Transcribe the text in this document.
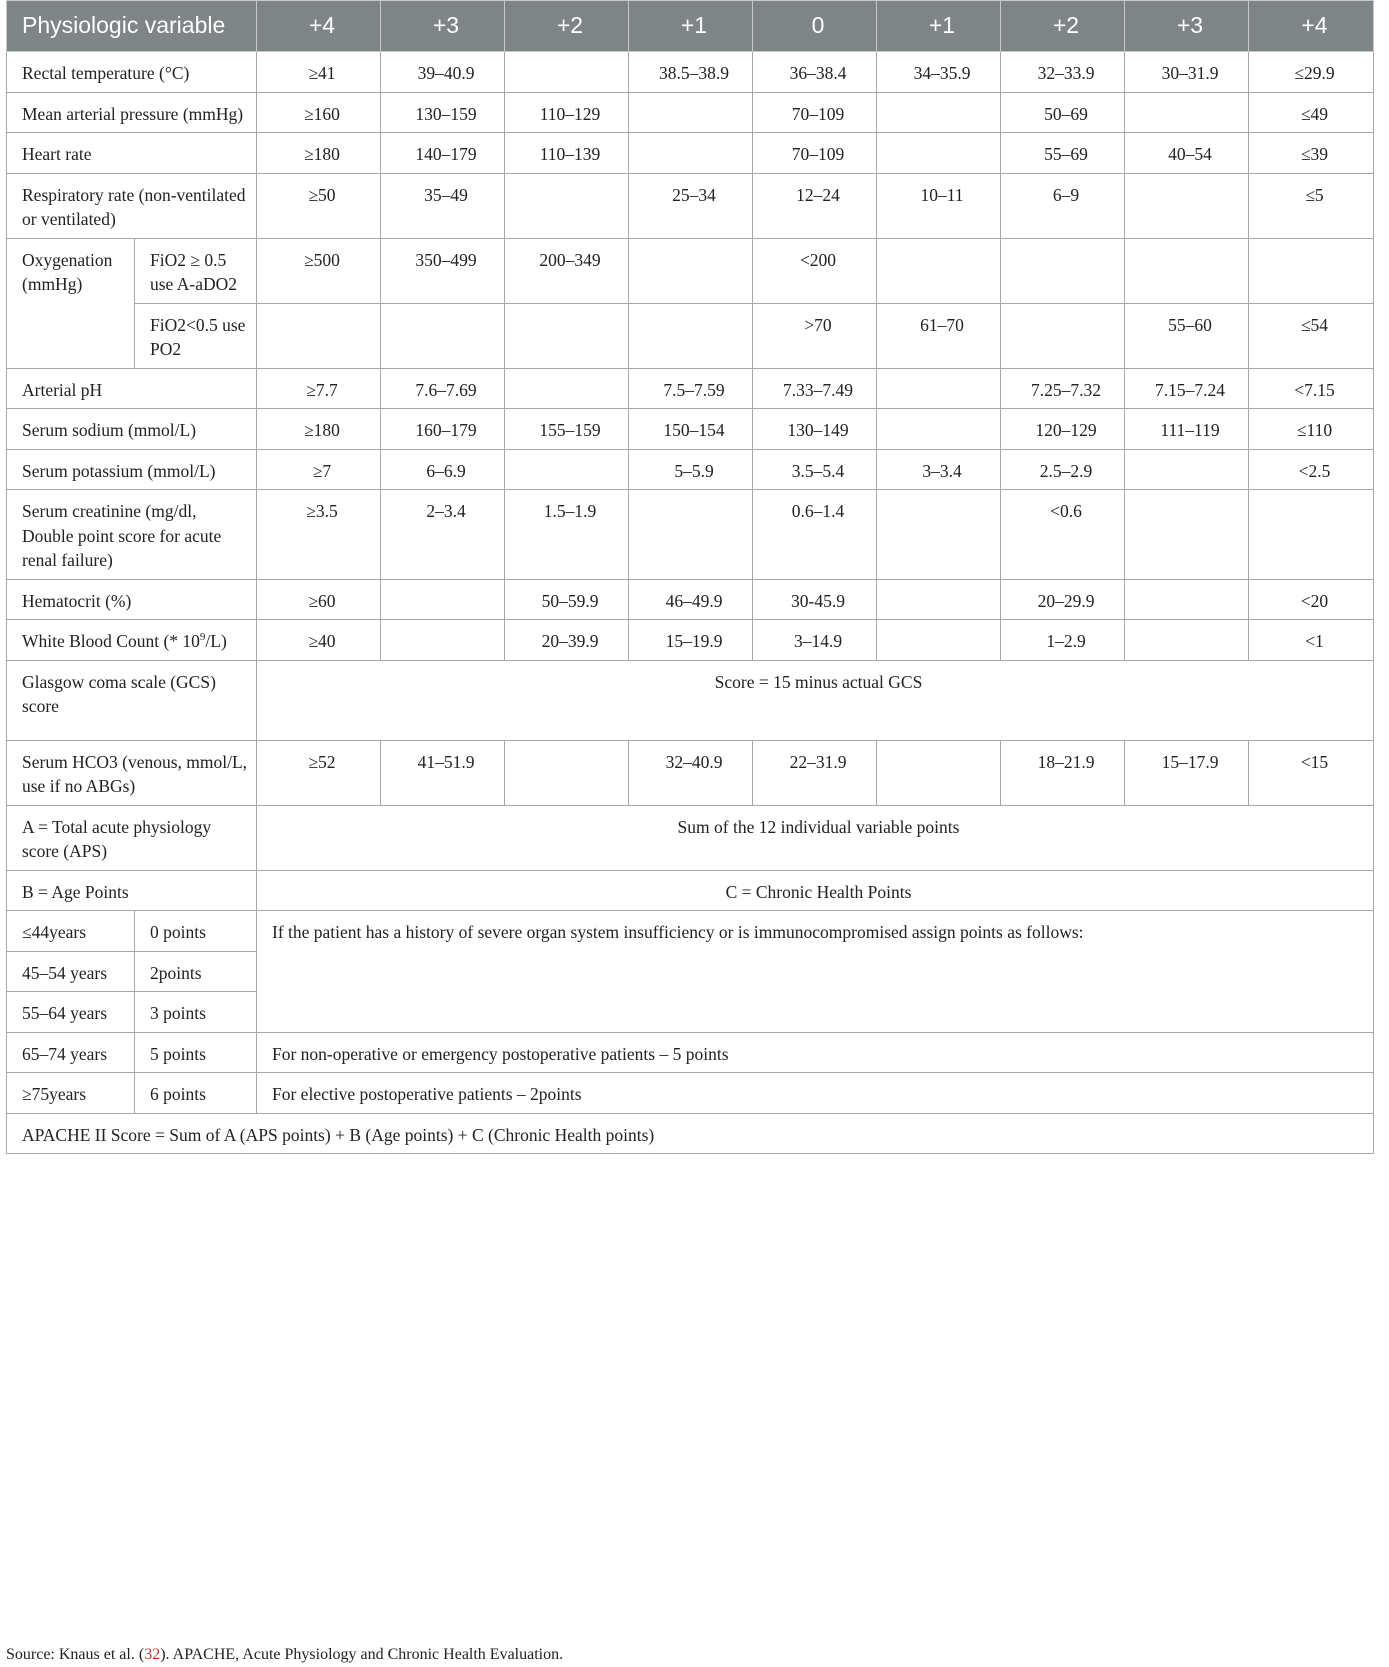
Physiologic variable		+4	+3	+2	+1	0	+1	+2	+3	+4
Rectal temperature (°C)		≥41	39–40.9		38.5–38.9	36–38.4	34–35.9	32–33.9	30–31.9	≤29.9
Mean arterial pressure (mmHg)		≥160	130–159	110–129		70–109		50–69		≤49
Heart rate		≥180	140–179	110–139		70–109		55–69	40–54	≤39
Respiratory rate (non-ventilated or ventilated)		≥50	35–49		25–34	12–24	10–11	6–9		≤5
Oxygenation (mmHg)	FiO2 ≥ 0.5 use A-aDO2	≥500	350–499	200–349		<200				
	FiO2<0.5 use PO2					>70	61–70		55–60	≤54
Arterial pH		≥7.7	7.6–7.69		7.5–7.59	7.33–7.49		7.25–7.32	7.15–7.24	<7.15
Serum sodium (mmol/L)		≥180	160–179	155–159	150–154	130–149		120–129	111–119	≤110
Serum potassium (mmol/L)		≥7	6–6.9		5–5.9	3.5–5.4	3–3.4	2.5–2.9		<2.5
Serum creatinine (mg/dl, Double point score for acute renal failure)		≥3.5	2–3.4	1.5–1.9		0.6–1.4		<0.6		
Hematocrit (%)		≥60		50–59.9	46–49.9	30-45.9		20–29.9		<20
White Blood Count (* $10^9/L$)		≥40		20–39.9	15–19.9	3–14.9		1–2.9		<1
Glasgow coma scale (GCS) score		Score = 15 minus actual GCS								
Serum HCO3 (venous, mmol/L, use if no ABGs)		≥52	41–51.9		32–40.9	22–31.9		18–21.9	15–17.9	<15
A = Total acute physiology score (APS)		Sum of the 12 individual variable points								
B = Age Points		C = Chronic Health Points								
≤44years	0 points	If the patient has a history of severe organ system insufficiency or is immunocompromised assign points as follows:								
45–54 years	2points									
55–64 years	3 points									
65–74 years	5 points	For non-operative or emergency postoperative patients – 5 points								
≥75years	6 points	For elective postoperative patients – 2points								
APACHE II Score = Sum of A (APS points) + B (Age points) + C (Chronic Health points)										
Source: Knaus et al. (32). APACHE, Acute Physiology and Chronic Health Evaluation.
